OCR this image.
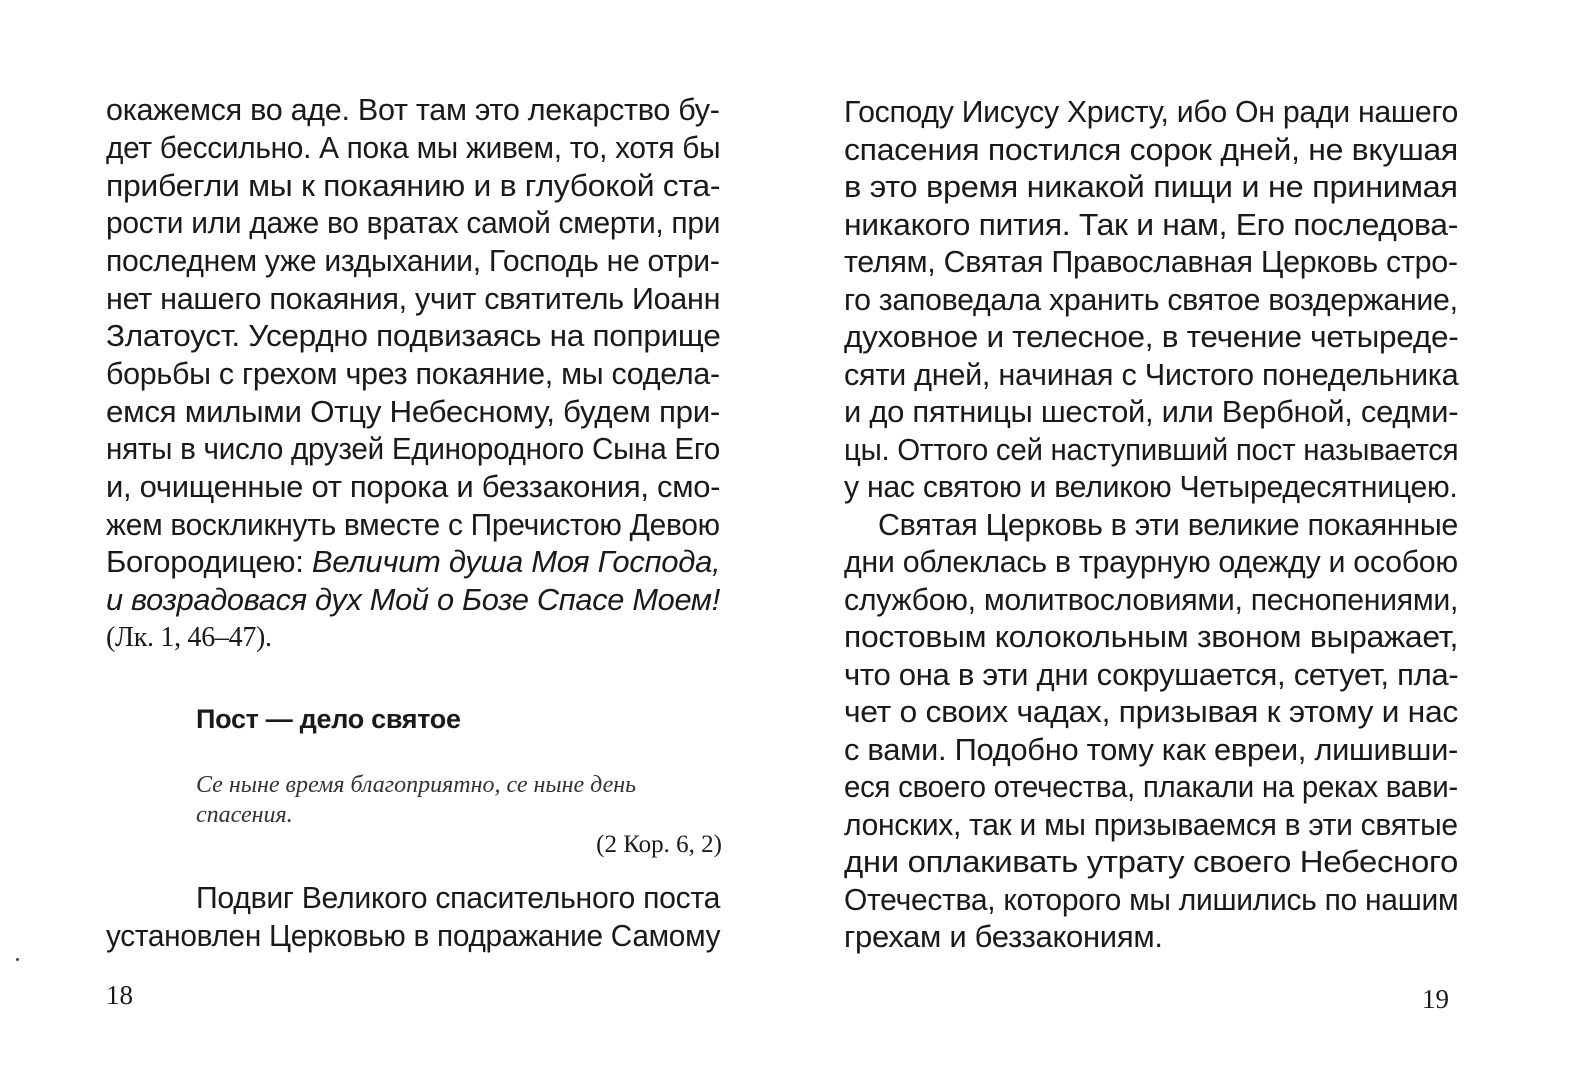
окажемся во аде. Вот там это лекарство бу-
дет бессильно. А пока мы живем, то, хотя бы
прибегли мы к покаянию и в глубокой ста-
рости или даже во вратах самой смерти, при
последнем уже издыхании, Господь не отри-
нет нашего покаяния, учит святитель Иоанн
Златоуст. Усердно подвизаясь на поприще
борьбы с грехом чрез покаяние, мы содела-
емся милыми Отцу Небесному, будем при-
няты в число друзей Единородного Сына Его
и, очищенные от порока и беззакония, смо-
жем воскликнуть вместе с Пречистою Девою
Богородицею: Величит душа Моя Господа,
и возрадовася дух Мой о Бозе Спасе Моем!
(Лк. 1, 46–47).
Пост — дело святое
Се ныне время благоприятно, се ныне день
спасения.
(2 Кор. 6, 2)
Подвиг Великого спасительного поста
установлен Церковью в подражание Самому
18
Господу Иисусу Христу, ибо Он ради нашего
спасения постился сорок дней, не вкушая
в это время никакой пищи и не принимая
никакого пития. Так и нам, Его последова-
телям, Святая Православная Церковь стро-
го заповедала хранить святое воздержание,
духовное и телесное, в течение четыреде-
сяти дней, начиная с Чистого понедельника
и до пятницы шестой, или Вербной, седми-
цы. Оттого сей наступивший пост называется
у нас святою и великою Четыредесятницею.
Святая Церковь в эти великие покаянные
дни облеклась в траурную одежду и особою
службою, молитвословиями, песнопениями,
постовым колокольным звоном выражает,
что она в эти дни сокрушается, сетует, пла-
чет о своих чадах, призывая к этому и нас
с вами. Подобно тому как евреи, лишивши-
еся своего отечества, плакали на реках вави-
лонских, так и мы призываемся в эти святые
дни оплакивать утрату своего Небесного
Отечества, которого мы лишились по нашим
грехам и беззакониям.
19
